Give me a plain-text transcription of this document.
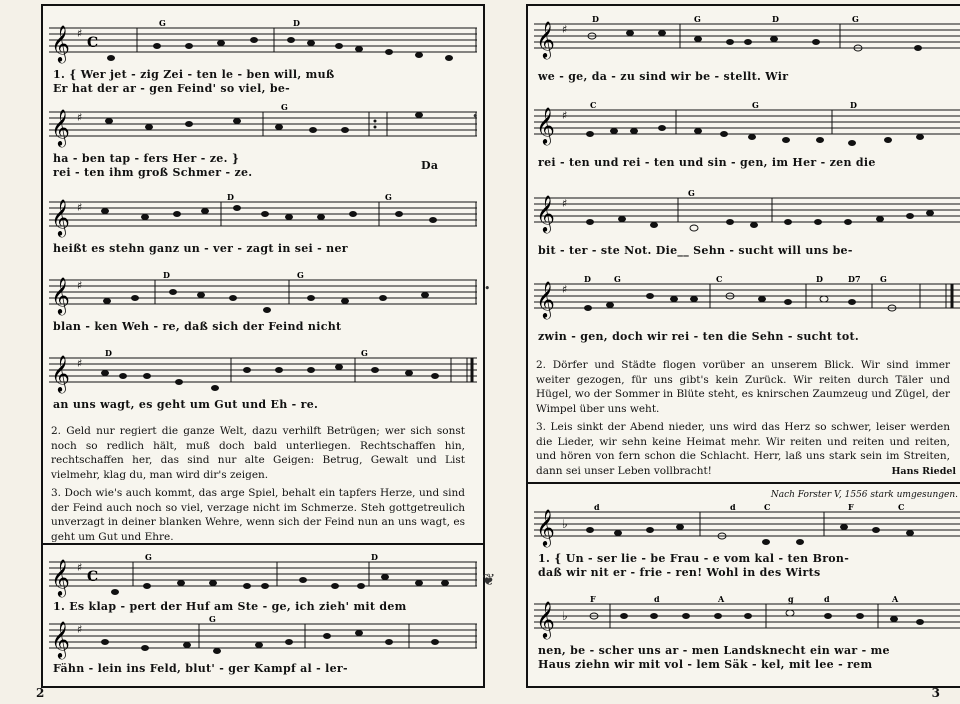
𝄞 ♯
C
G	D
1. { Wer jet - zig Zei - ten le - ben will, muß
Er hat der ar - gen Feind' so viel, be-
𝄞 ♯
G
ha - ben tap - fers Her - ze. }
rei - ten ihm groß Schmer - ze.
Da
𝄞 ♯
D	G
heißt es stehn ganz un - ver - zagt in sei - ner
𝄞 ♯
D	G
blan - ken Weh - re, daß sich der Feind nicht
𝄞 ♯
D	G
an uns wagt, es geht um Gut und Eh - re.

2. Geld nur regiert die ganze Welt, dazu verhilft Betrügen; wer sich sonst noch so redlich hält, muß doch bald unterliegen. Rechtschaffen hin, rechtschaffen her, das sind nur alte Geigen: Betrug, Gewalt und List vielmehr, klag du, man wird dir's zeigen.

3. Doch wie's auch kommt, das arge Spiel, behalt ein tapfers Herze, und sind der Feind auch noch so viel, verzage nicht im Schmerze. Steh gottgetreulich unverzagt in deiner blanken Wehre, wenn sich der Feind nun an uns wagt, es geht um Gut und Ehre.

𝄞 ♯
C
G	D
1. Es klap - pert der Huf am Ste - ge, ich zieh' mit dem
𝄞 ♯
G
Fähn - lein ins Feld, blut' - ger Kampf al - ler-
2
•
•
❦
𝄞 ♯
D	G	D	G
we - ge, da - zu sind wir be - stellt. Wir
𝄞 ♯
C	G	D
rei - ten und rei - ten und sin - gen, im Her - zen die
𝄞 ♯
G
bit - ter - ste Not. Die__ Sehn - sucht will uns be-
𝄞 ♯
D	G	C	D	D7 G
zwin - gen, doch wir rei - ten die Sehn - sucht tot.

2. Dörfer und Städte flogen vorüber an unserem Blick. Wir sind immer weiter gezogen, für uns gibt's kein Zurück. Wir reiten durch Täler und Hügel, wo der Sommer in Blüte steht, es knirschen Zaumzeug und Zügel, der Wimpel über uns weht.

3. Leis sinkt der Abend nieder, uns wird das Herz so schwer, leiser werden die Lieder, wir sehn keine Heimat mehr. Wir reiten und reiten und reiten, und hören von fern schon die Schlacht. Herr, laß uns stark sein im Streiten, dann sei unser Leben vollbracht!	Hans Riedel
Nach Forster V, 1556 stark umgesungen.
𝄞 ♭
d	d	C	F	C
1. { Un - ser lie - be Frau - e vom kal - ten Bron-
daß wir nit er - frie - ren! Wohl in des Wirts
𝄞 ♭
F	d	A	g	d	A
nen, be - scher uns ar - men Landsknecht ein war - me
Haus ziehn wir mit vol - lem Säk - kel, mit lee - rem
3
